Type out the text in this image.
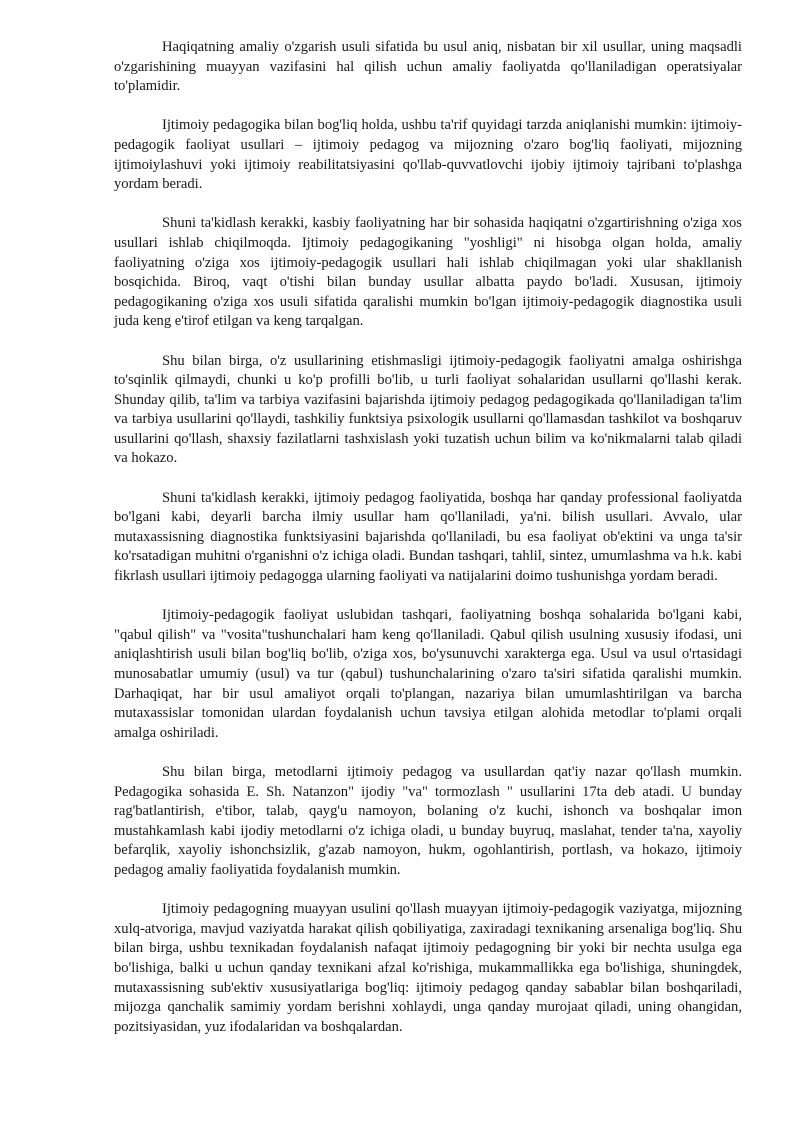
Haqiqatning amaliy o'zgarish usuli sifatida bu usul aniq, nisbatan bir xil usullar, uning maqsadli o'zgarishining muayyan vazifasini hal qilish uchun amaliy faoliyatda qo'llaniladigan operatsiyalar to'plamidir.

Ijtimoiy pedagogika bilan bog'liq holda, ushbu ta'rif quyidagi tarzda aniqlanishi mumkin: ijtimoiy-pedagogik faoliyat usullari – ijtimoiy pedagog va mijozning o'zaro bog'liq faoliyati, mijozning ijtimoiylashuvi yoki ijtimoiy reabilitatsiyasini qo'llab-quvvatlovchi ijobiy ijtimoiy tajribani to'plashga yordam beradi.

Shuni ta'kidlash kerakki, kasbiy faoliyatning har bir sohasida haqiqatni o'zgartirishning o'ziga xos usullari ishlab chiqilmoqda. Ijtimoiy pedagogikaning "yoshligi" ni hisobga olgan holda, amaliy faoliyatning o'ziga xos ijtimoiy-pedagogik usullari hali ishlab chiqilmagan yoki ular shakllanish bosqichida. Biroq, vaqt o'tishi bilan bunday usullar albatta paydo bo'ladi. Xususan, ijtimoiy pedagogikaning o'ziga xos usuli sifatida qaralishi mumkin bo'lgan ijtimoiy-pedagogik diagnostika usuli juda keng e'tirof etilgan va keng tarqalgan.

Shu bilan birga, o'z usullarining etishmasligi ijtimoiy-pedagogik faoliyatni amalga oshirishga to'sqinlik qilmaydi, chunki u ko'p profilli bo'lib, u turli faoliyat sohalaridan usullarni qo'llashi kerak. Shunday qilib, ta'lim va tarbiya vazifasini bajarishda ijtimoiy pedagog pedagogikada qo'llaniladigan ta'lim va tarbiya usullarini qo'llaydi, tashkiliy funktsiya psixologik usullarni qo'llamasdan tashkilot va boshqaruv usullarini qo'llash, shaxsiy fazilatlarni tashxislash yoki tuzatish uchun bilim va ko'nikmalarni talab qiladi va hokazo.

Shuni ta'kidlash kerakki, ijtimoiy pedagog faoliyatida, boshqa har qanday professional faoliyatda bo'lgani kabi, deyarli barcha ilmiy usullar ham qo'llaniladi, ya'ni. bilish usullari. Avvalo, ular mutaxassisning diagnostika funktsiyasini bajarishda qo'llaniladi, bu esa faoliyat ob'ektini va unga ta'sir ko'rsatadigan muhitni o'rganishni o'z ichiga oladi. Bundan tashqari, tahlil, sintez, umumlashma va h.k. kabi fikrlash usullari ijtimoiy pedagogga ularning faoliyati va natijalarini doimo tushunishga yordam beradi.

Ijtimoiy-pedagogik faoliyat uslubidan tashqari, faoliyatning boshqa sohalarida bo'lgani kabi, "qabul qilish" va "vosita"tushunchalari ham keng qo'llaniladi. Qabul qilish usulning xususiy ifodasi, uni aniqlashtirish usuli bilan bog'liq bo'lib, o'ziga xos, bo'ysunuvchi xarakterga ega. Usul va usul o'rtasidagi munosabatlar umumiy (usul) va tur (qabul) tushunchalarining o'zaro ta'siri sifatida qaralishi mumkin. Darhaqiqat, har bir usul amaliyot orqali to'plangan, nazariya bilan umumlashtirilgan va barcha mutaxassislar tomonidan ulardan foydalanish uchun tavsiya etilgan alohida metodlar to'plami orqali amalga oshiriladi.

Shu bilan birga, metodlarni ijtimoiy pedagog va usullardan qat'iy nazar qo'llash mumkin. Pedagogika sohasida E. Sh. Natanzon" ijodiy "va" tormozlash " usullarini 17ta deb atadi. U bunday rag'batlantirish, e'tibor, talab, qayg'u namoyon, bolaning o'z kuchi, ishonch va boshqalar imon mustahkamlash kabi ijodiy metodlarni o'z ichiga oladi, u bunday buyruq, maslahat, tender ta'na, xayoliy befarqlik, xayoliy ishonchsizlik, g'azab namoyon, hukm, ogohlantirish, portlash, va hokazo, ijtimoiy pedagog amaliy faoliyatida foydalanish mumkin.

Ijtimoiy pedagogning muayyan usulini qo'llash muayyan ijtimoiy-pedagogik vaziyatga, mijozning xulq-atvoriga, mavjud vaziyatda harakat qilish qobiliyatiga, zaxiradagi texnikaning arsenaliga bog'liq. Shu bilan birga, ushbu texnikadan foydalanish nafaqat ijtimoiy pedagogning bir yoki bir nechta usulga ega bo'lishiga, balki u uchun qanday texnikani afzal ko'rishiga, mukammallikka ega bo'lishiga, shuningdek, mutaxassisning sub'ektiv xususiyatlariga bog'liq: ijtimoiy pedagog qanday sabablar bilan boshqariladi, mijozga qanchalik samimiy yordam berishni xohlaydi, unga qanday murojaat qiladi, uning ohangidan, pozitsiyasidan, yuz ifodalaridan va boshqalardan.
